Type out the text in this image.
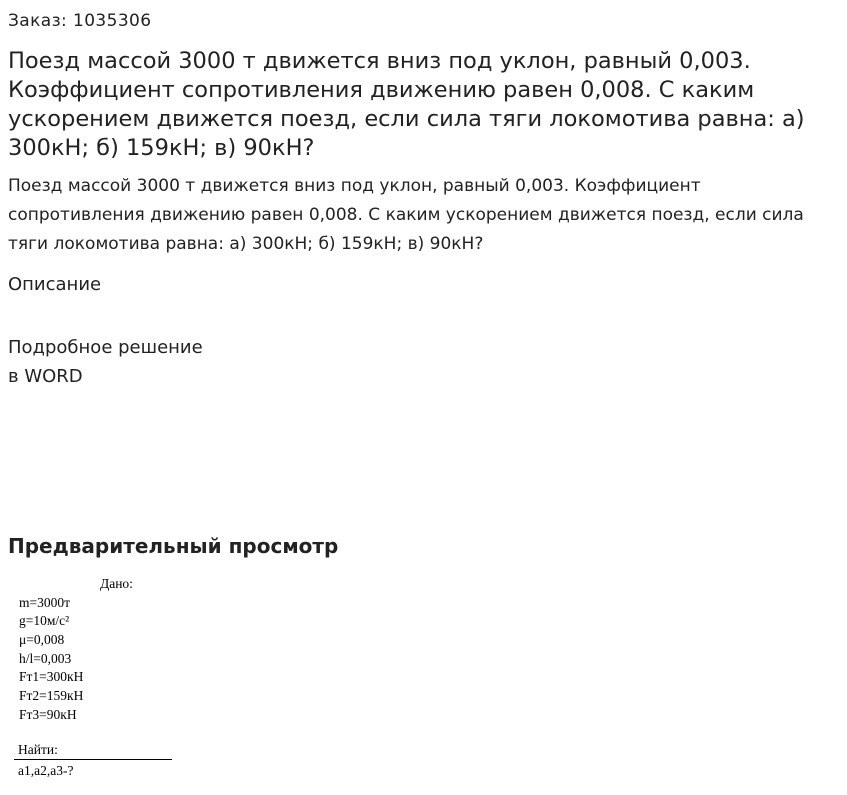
Заказ: 1035306
Поезд массой 3000 т движется вниз под уклон, равный 0,003. Коэффициент сопротивления движению равен 0,008. С каким ускорением движется поезд, если сила тяги локомотива равна: а) 300кН; б) 159кН; в) 90кН?

Поезд массой 3000 т движется вниз под уклон, равный 0,003. Коэффициент сопротивления движению равен 0,008. С каким ускорением движется поезд, если сила тяги локомотива равна: а) 300кН; б) 159кН; в) 90кН?

Описание
Подробное решение
в WORD
Предварительный просмотр
Дано:
m=3000т
g=10м/с²
μ=0,008
h/l=0,003
Fт1=300кН
Fт2=159кН
Fт3=90кН
Найти:
a1,a2,a3-?
